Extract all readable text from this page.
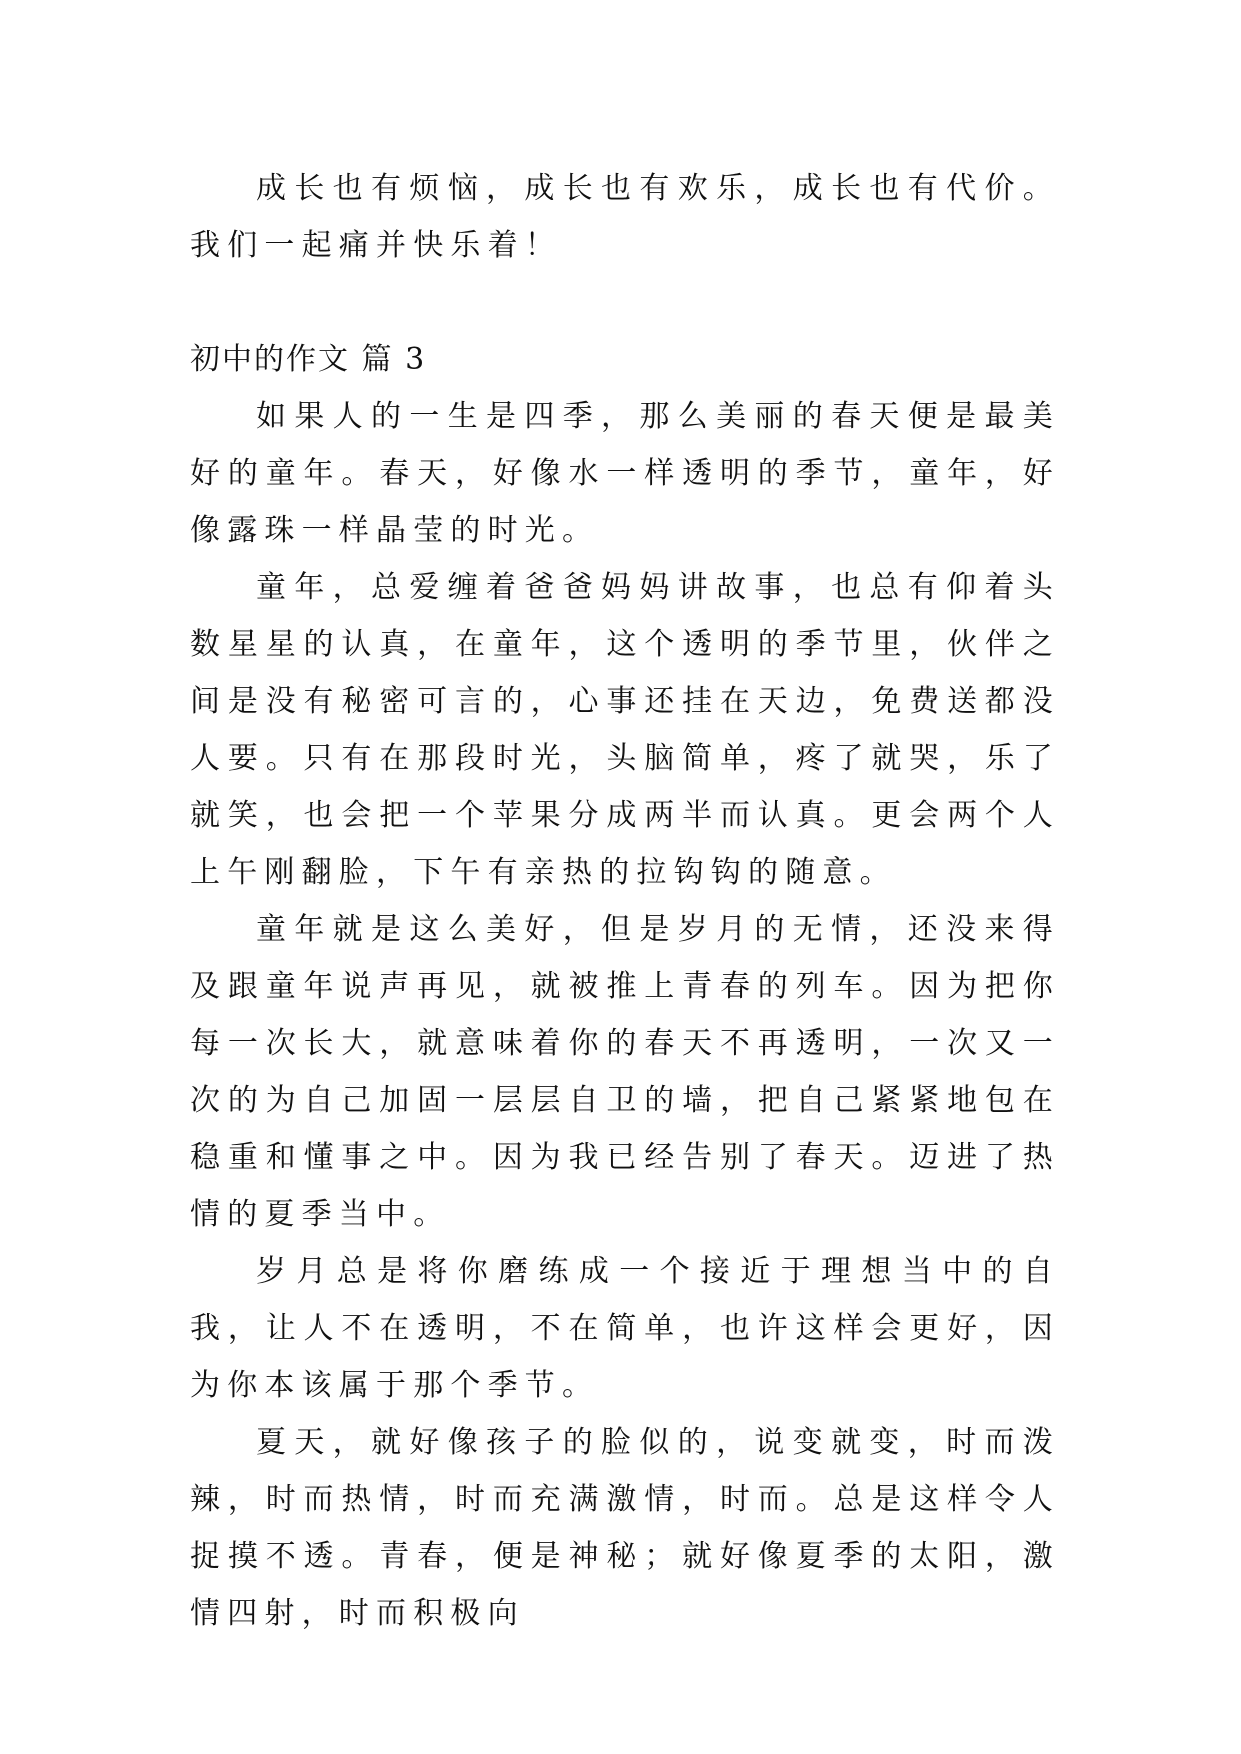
成长也有烦恼，成长也有欢乐，成长也有代价。我们一起痛并快乐着！

初中的作文 篇 3

如果人的一生是四季，那么美丽的春天便是最美好的童年。春天，好像水一样透明的季节，童年，好像露珠一样晶莹的时光。

童年，总爱缠着爸爸妈妈讲故事，也总有仰着头数星星的认真，在童年，这个透明的季节里，伙伴之间是没有秘密可言的，心事还挂在天边，免费送都没人要。只有在那段时光，头脑简单，疼了就哭，乐了就笑，也会把一个苹果分成两半而认真。更会两个人上午刚翻脸，下午有亲热的拉钩钩的随意。

童年就是这么美好，但是岁月的无情，还没来得及跟童年说声再见，就被推上青春的列车。因为把你每一次长大，就意味着你的春天不再透明，一次又一次的为自己加固一层层自卫的墙，把自己紧紧地包在稳重和懂事之中。因为我已经告别了春天。迈进了热情的夏季当中。

岁月总是将你磨练成一个接近于理想当中的自我，让人不在透明，不在简单，也许这样会更好，因为你本该属于那个季节。

夏天，就好像孩子的脸似的，说变就变，时而泼辣，时而热情，时而充满激情，时而。总是这样令人捉摸不透。青春，便是神秘；就好像夏季的太阳，激情四射，时而积极向
